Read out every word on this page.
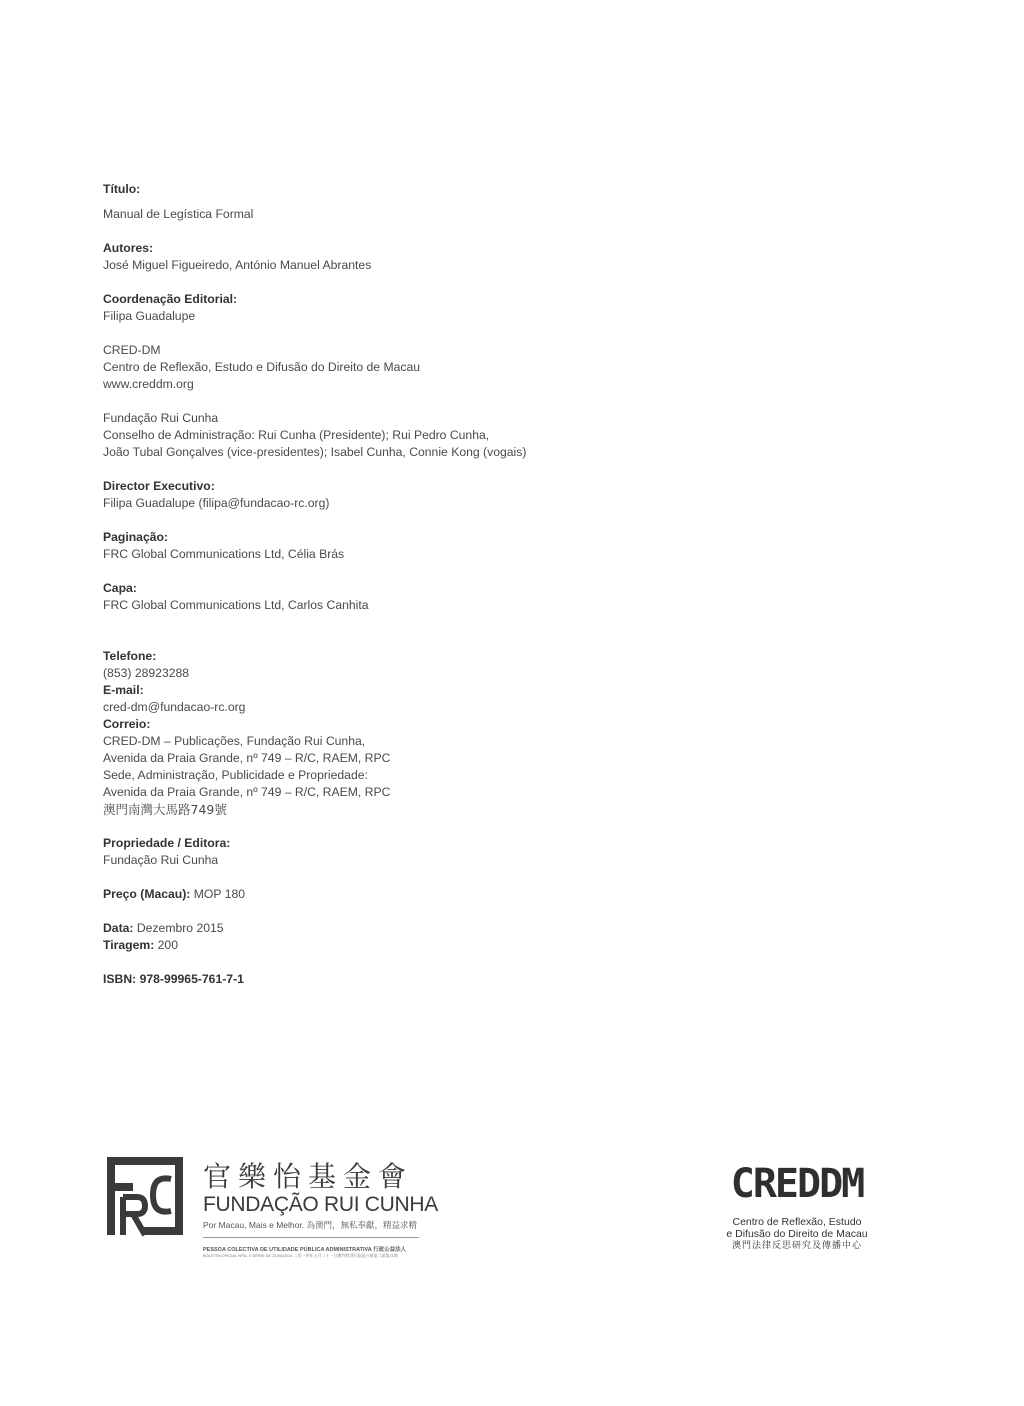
Título:
Manual de Legística Formal
Autores:
José Miguel Figueiredo, António Manuel Abrantes
Coordenação Editorial:
Filipa Guadalupe
CRED-DM
Centro de Reflexão, Estudo e Difusão do Direito de Macau
www.creddm.org
Fundação Rui Cunha
Conselho de Administração: Rui Cunha (Presidente); Rui Pedro Cunha,
João Tubal Gonçalves (vice-presidentes); Isabel Cunha, Connie Kong (vogais)
Director Executivo:
Filipa Guadalupe (filipa@fundacao-rc.org)
Paginação:
FRC Global Communications Ltd, Célia Brás
Capa:
FRC Global Communications Ltd, Carlos Canhita
Telefone:
(853) 28923288
E-mail:
cred-dm@fundacao-rc.org
Correio:
CRED-DM – Publicações, Fundação Rui Cunha,
Avenida da Praia Grande, nº 749 – R/C, RAEM, RPC
Sede, Administração, Publicidade e Propriedade:
Avenida da Praia Grande, nº 749 – R/C, RAEM, RPC
澳門南灣大馬路749號
Propriedade / Editora:
Fundação Rui Cunha
Preço (Macau): MOP 180
Data: Dezembro 2015
Tiragem: 200
ISBN: 978-99965-761-7-1
官樂怡基金會
FUNDAÇÃO RUI CUNHA
Por Macau, Mais e Melhor. 為澳門，無私奉獻，精益求精
PESSOA COLECTIVA DE UTILIDADE PÚBLICA ADMINISTRATIVA 行政公益法人
BOLETIM OFICIAL Nº51, II SÉRIE DE 21/08/2014 二零一四年五月二十一日澳門特別行政區公報第二組第21期
CREDDM
Centro de Reflexão, Estudo
e Difusão do Direito de Macau
澳門法律反思研究及傳播中心
